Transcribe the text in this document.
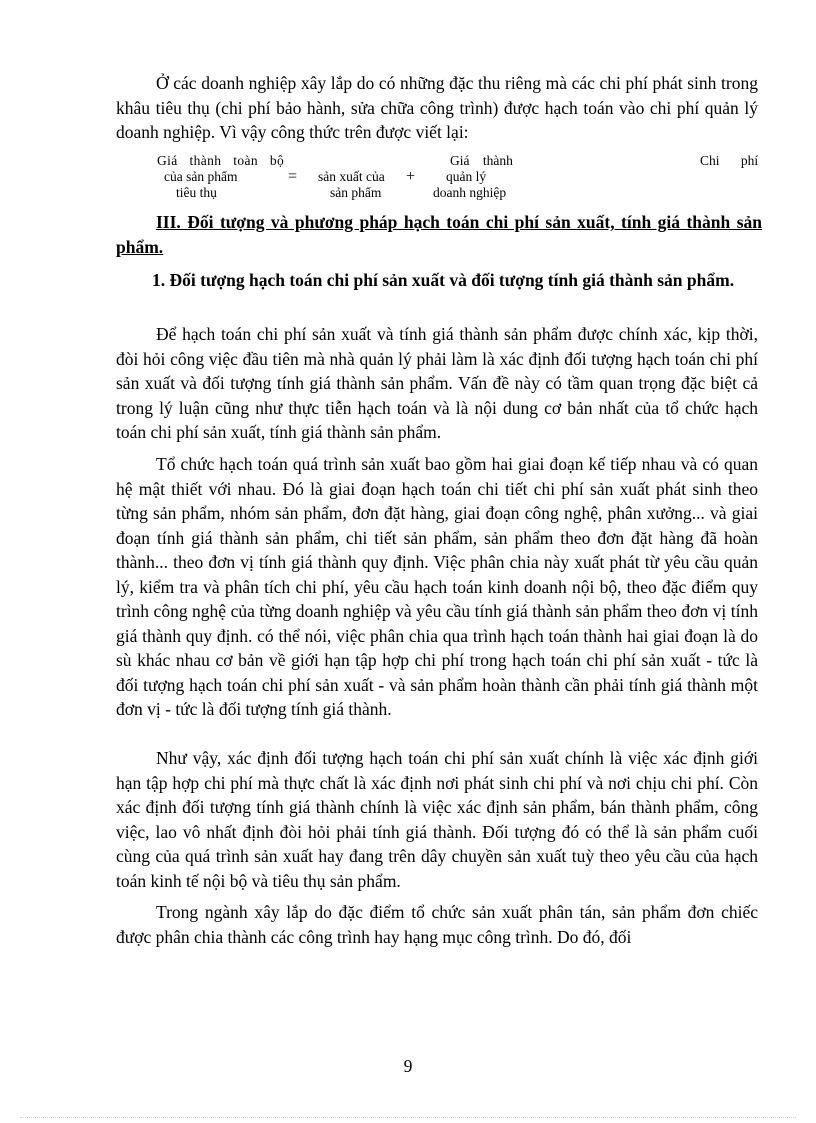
Ở các doanh nghiệp xây lắp do có những đặc thu riêng mà các chi phí phát sinh trong khâu tiêu thụ (chi phí bảo hành, sửa chữa công trình) được hạch toán vào chi phí quản lý doanh nghiệp. Vì vậy công thức trên được viết lại:

Giá thành toàn bộ
của sản phẩm
tiêu thụ
= sản xuất của
sản phẩm
+
Giá thành
quản lý
doanh nghiệp
Chi phí

III. Đối tượng và phương pháp hạch toán chi phí sản xuất, tính giá thành sản phẩm.

1. Đối tượng hạch toán chi phí sản xuất và đối tượng tính giá thành sản phẩm.

Để hạch toán chi phí sản xuất và tính giá thành sản phẩm được chính xác, kịp thời, đòi hỏi công việc đầu tiên mà nhà quản lý phải làm là xác định đối tượng hạch toán chi phí sản xuất và đối tượng tính giá thành sản phẩm. Vấn đề này có tầm quan trọng đặc biệt cả trong lý luận cũng như thực tiễn hạch toán và là nội dung cơ bản nhất của tổ chức hạch toán chi phí sản xuất, tính giá thành sản phẩm.

Tổ chức hạch toán quá trình sản xuất bao gồm hai giai đoạn kế tiếp nhau và có quan hệ mật thiết với nhau. Đó là giai đoạn hạch toán chi tiết chi phí sản xuất phát sinh theo từng sản phẩm, nhóm sản phẩm, đơn đặt hàng, giai đoạn công nghệ, phân xưởng... và giai đoạn tính giá thành sản phẩm, chi tiết sản phẩm, sản phẩm theo đơn đặt hàng đã hoàn thành... theo đơn vị tính giá thành quy định. Việc phân chia này xuất phát từ yêu cầu quản lý, kiểm tra và phân tích chi phí, yêu cầu hạch toán kinh doanh nội bộ, theo đặc điểm quy trình công nghệ của từng doanh nghiệp và yêu cầu tính giá thành sản phẩm theo đơn vị tính giá thành quy định. có thể nói, việc phân chia qua trình hạch toán thành hai giai đoạn là do sù khác nhau cơ bản về giới hạn tập hợp chi phí trong hạch toán chi phí sản xuất - tức là đối tượng hạch toán chi phí sản xuất - và sản phẩm hoàn thành cần phải tính giá thành một đơn vị - tức là đối tượng tính giá thành.

Như vậy, xác định đối tượng hạch toán chi phí sản xuất chính là việc xác định giới hạn tập hợp chi phí mà thực chất là xác định nơi phát sinh chi phí và nơi chịu chi phí. Còn xác định đối tượng tính giá thành chính là việc xác định sản phẩm, bán thành phẩm, công việc, lao vô nhất định đòi hỏi phải tính giá thành. Đối tượng đó có thể là sản phẩm cuối cùng của quá trình sản xuất hay đang trên dây chuyền sản xuất tuỳ theo yêu cầu của hạch toán kinh tế nội bộ và tiêu thụ sản phẩm.

Trong ngành xây lắp do đặc điểm tổ chức sản xuất phân tán, sản phẩm đơn chiếc được phân chia thành các công trình hay hạng mục công trình. Do đó, đối

9
